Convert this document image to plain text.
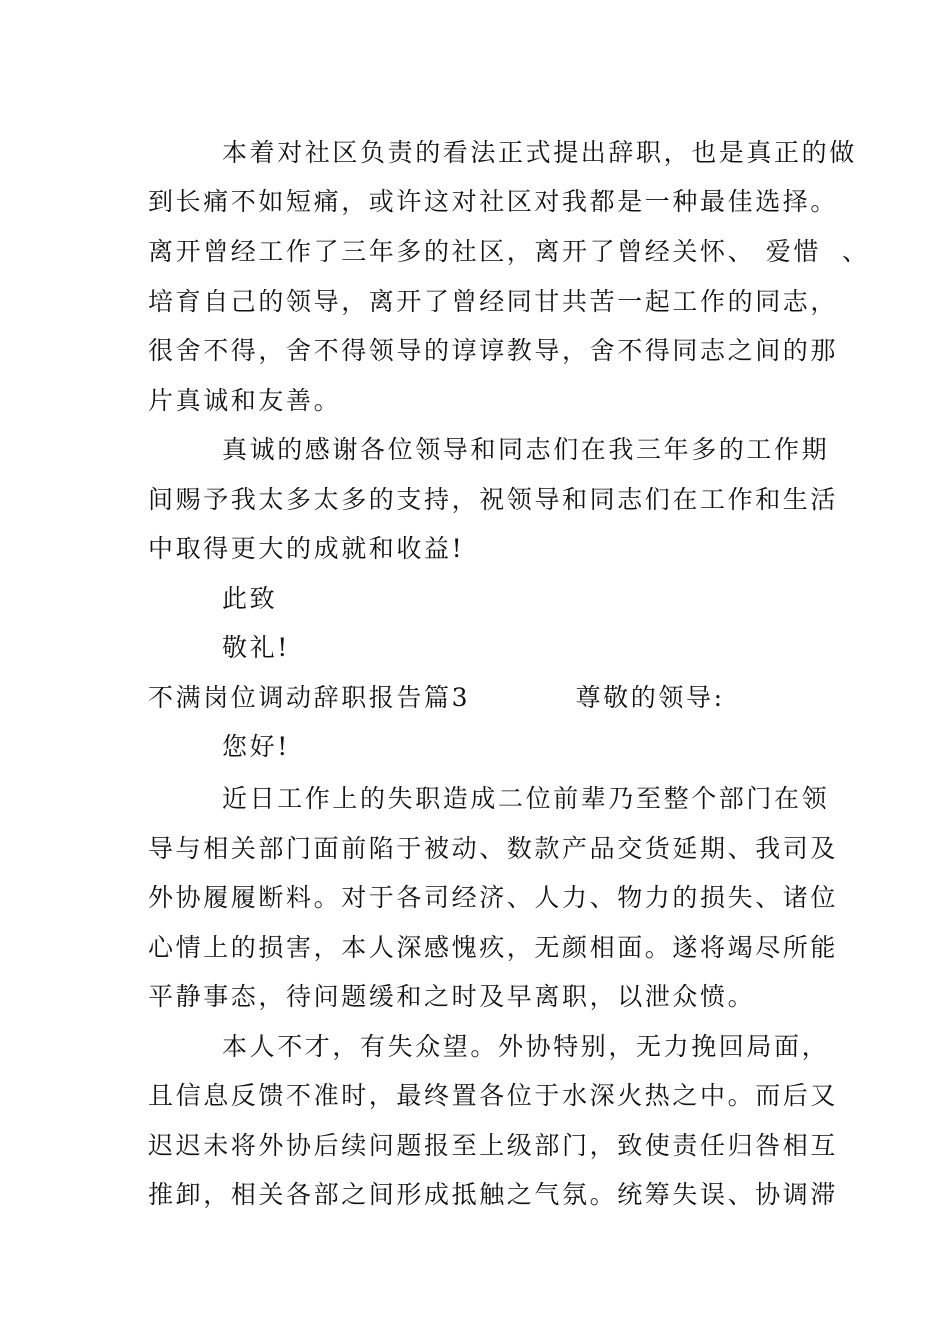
本着对社区负责的看法正式提出辞职，也是真正的做
到长痛不如短痛，或许这对社区对我都是一种最佳选择。
离开曾经工作了三年多的社区，离开了曾经关怀、 爱惜  、
培育自己的领导，离开了曾经同甘共苦一起工作的同志，
很舍不得，舍不得领导的谆谆教导，舍不得同志之间的那
片真诚和友善。
真诚的感谢各位领导和同志们在我三年多的工作期
间赐予我太多太多的支持，祝领导和同志们在工作和生活
中取得更大的成就和收益!
此致
敬礼!
不满岗位调动辞职报告篇3          尊敬的领导:
您好!
近日工作上的失职造成二位前辈乃至整个部门在领
导与相关部门面前陷于被动、数款产品交货延期、我司及
外协履履断料。对于各司经济、人力、物力的损失、诸位
心情上的损害，本人深感愧疚，无颜相面。遂将竭尽所能
平静事态，待问题缓和之时及早离职，以泄众愤。
本人不才，有失众望。外协特别，无力挽回局面，
且信息反馈不准时，最终置各位于水深火热之中。而后又
迟迟未将外协后续问题报至上级部门，致使责任归咎相互
推卸，相关各部之间形成抵触之气氛。统筹失误、协调滞
